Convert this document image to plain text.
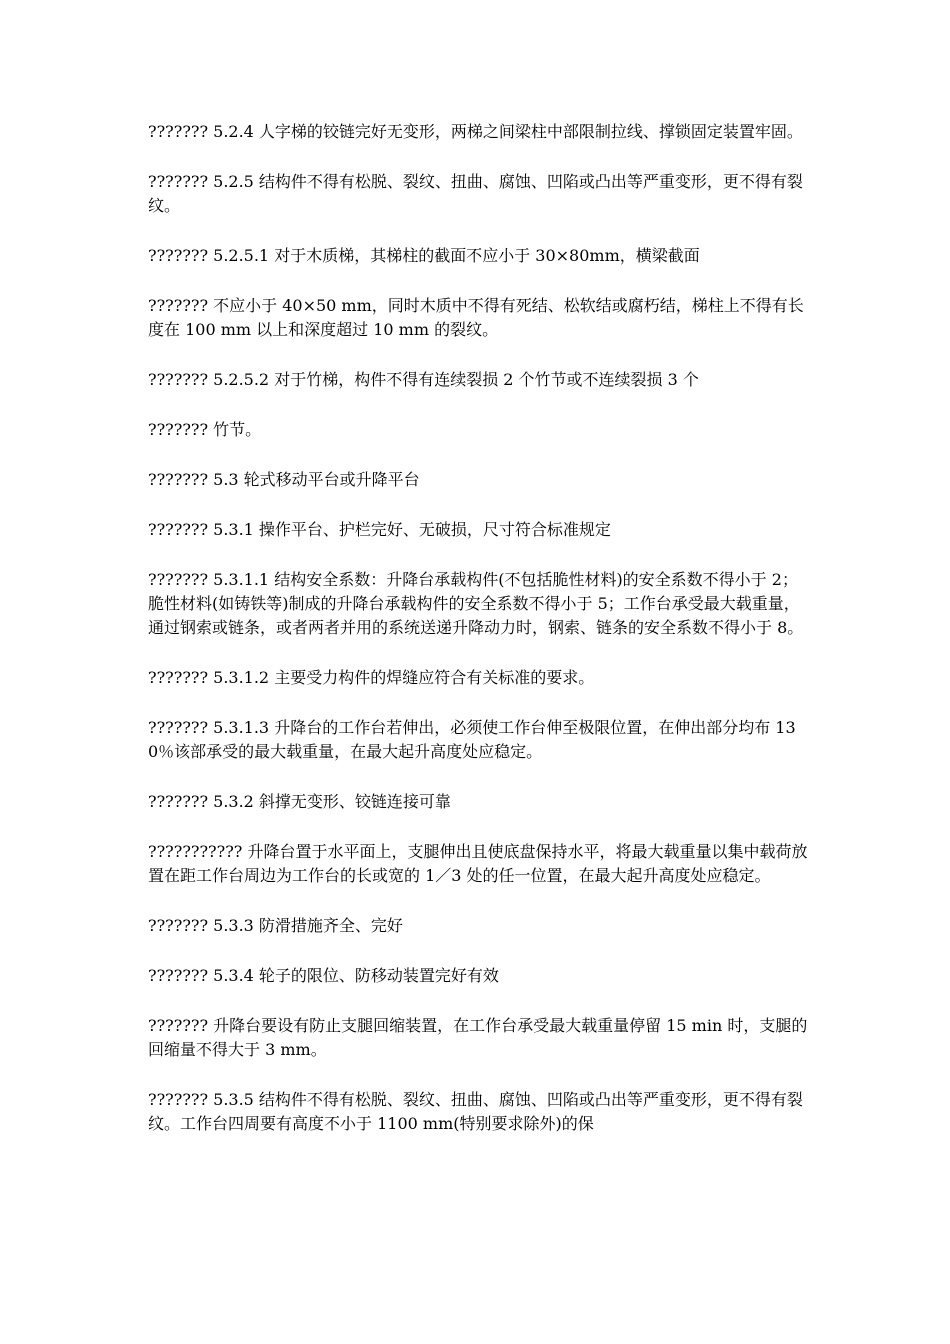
??????? 5.2.4 人字梯的铰链完好无变形，两梯之间梁柱中部限制拉线、撑锁固定装置牢固。

??????? 5.2.5 结构件不得有松脱、裂纹、扭曲、腐蚀、凹陷或凸出等严重变形，更不得有裂纹。

??????? 5.2.5.1 对于木质梯，其梯柱的截面不应小于 30×80mm，横梁截面

??????? 不应小于 40×50 mm，同时木质中不得有死结、松软结或腐朽结，梯柱上不得有长度在 100 mm 以上和深度超过 10 mm 的裂纹。

??????? 5.2.5.2 对于竹梯，构件不得有连续裂损 2 个竹节或不连续裂损 3 个

??????? 竹节。

??????? 5.3 轮式移动平台或升降平台

??????? 5.3.1 操作平台、护栏完好、无破损，尺寸符合标准规定

??????? 5.3.1.1 结构安全系数：升降台承载构件(不包括脆性材料)的安全系数不得小于 2；脆性材料(如铸铁等)制成的升降台承载构件的安全系数不得小于 5；工作台承受最大载重量，通过钢索或链条，或者两者并用的系统送递升降动力时，钢索、链条的安全系数不得小于 8。

??????? 5.3.1.2 主要受力构件的焊缝应符合有关标准的要求。

??????? 5.3.1.3 升降台的工作台若伸出，必须使工作台伸至极限位置，在伸出部分均布 130％该部承受的最大载重量，在最大起升高度处应稳定。

??????? 5.3.2 斜撑无变形、铰链连接可靠

??????????? 升降台置于水平面上，支腿伸出且使底盘保持水平，将最大载重量以集中载荷放置在距工作台周边为工作台的长或宽的 1／3 处的任一位置，在最大起升高度处应稳定。

??????? 5.3.3 防滑措施齐全、完好

??????? 5.3.4 轮子的限位、防移动装置完好有效

??????? 升降台要设有防止支腿回缩装置，在工作台承受最大载重量停留 15 min 时，支腿的回缩量不得大于 3 mm。

??????? 5.3.5 结构件不得有松脱、裂纹、扭曲、腐蚀、凹陷或凸出等严重变形，更不得有裂纹。工作台四周要有高度不小于 1100 mm(特别要求除外)的保
